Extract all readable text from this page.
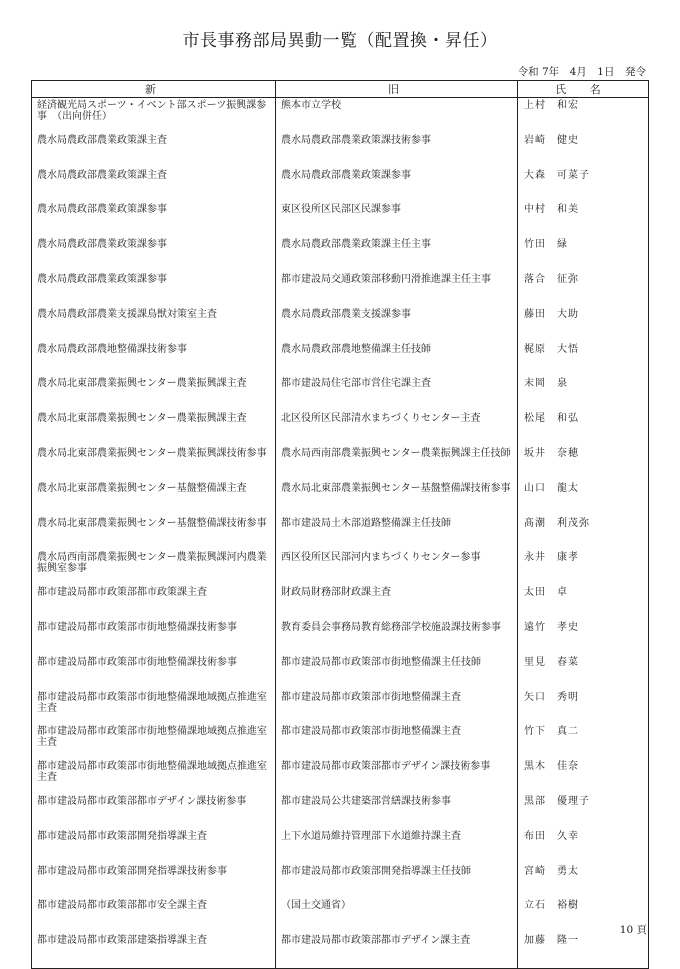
市長事務部局異動一覧（配置換・昇任）
令和 7年　4月　1日　発令
新	旧	氏 名
経済観光局スポーツ・イベント部スポーツ振興課参事　（出向併任）	熊本市立学校	上村　和宏
農水局農政部農業政策課主査	農水局農政部農業政策課技術参事	岩崎　健史
農水局農政部農業政策課主査	農水局農政部農業政策課参事	大森　可菜子
農水局農政部農業政策課参事	東区役所区民部区民課参事	中村　和美
農水局農政部農業政策課参事	農水局農政部農業政策課主任主事	竹田　緑
農水局農政部農業政策課参事	都市建設局交通政策部移動円滑推進課主任主事	落合　征弥
農水局農政部農業支援課鳥獣対策室主査	農水局農政部農業支援課参事	藤田　大助
農水局農政部農地整備課技術参事	農水局農政部農地整備課主任技師	梶原　大悟
農水局北東部農業振興センター農業振興課主査	都市建設局住宅部市営住宅課主査	末岡　泉
農水局北東部農業振興センター農業振興課主査	北区役所区民部清水まちづくりセンター主査	松尾　和弘
農水局北東部農業振興センター農業振興課技術参事	農水局西南部農業振興センター農業振興課主任技師	坂井　奈穂
農水局北東部農業振興センター基盤整備課主査	農水局北東部農業振興センター基盤整備課技術参事	山口　龍太
農水局北東部農業振興センター基盤整備課技術参事	都市建設局土木部道路整備課主任技師	髙潮　利茂弥
農水局西南部農業振興センター農業振興課河内農業振興室参事	西区役所区民部河内まちづくりセンター参事	永井　康孝
都市建設局都市政策部都市政策課主査	財政局財務部財政課主査	太田　卓
都市建設局都市政策部市街地整備課技術参事	教育委員会事務局教育総務部学校施設課技術参事	遠竹　孝史
都市建設局都市政策部市街地整備課技術参事	都市建設局都市政策部市街地整備課主任技師	里見　春菜
都市建設局都市政策部市街地整備課地域拠点推進室主査	都市建設局都市政策部市街地整備課主査	矢口　秀明
都市建設局都市政策部市街地整備課地域拠点推進室主査	都市建設局都市政策部市街地整備課主査	竹下　真二
都市建設局都市政策部市街地整備課地域拠点推進室主査	都市建設局都市政策部都市デザイン課技術参事	黒木　佳奈
都市建設局都市政策部都市デザイン課技術参事	都市建設局公共建築部営繕課技術参事	黒部　優理子
都市建設局都市政策部開発指導課主査	上下水道局維持管理部下水道維持課主査	布田　久幸
都市建設局都市政策部開発指導課技術参事	都市建設局都市政策部開発指導課主任技師	宮崎　勇太
都市建設局都市政策部都市安全課主査	（国土交通省）	立石　裕樹
都市建設局都市政策部建築指導課主査	都市建設局都市政策部都市デザイン課主査	加藤　隆一
10 頁
